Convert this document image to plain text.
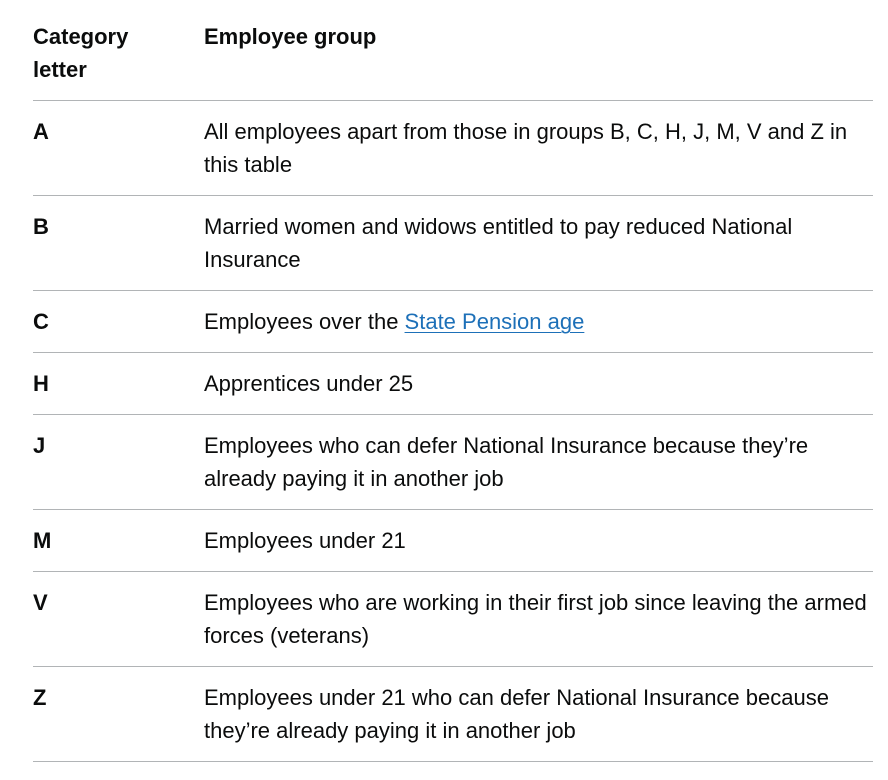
Category letter	Employee group
A	All employees apart from those in groups B, C, H, J, M, V and Z in this table
B	Married women and widows entitled to pay reduced National Insurance
C	Employees over the State Pension age
H	Apprentices under 25
J	Employees who can defer National Insurance because they’re already paying it in another job
M	Employees under 21
V	Employees who are working in their first job since leaving the armed forces (veterans)
Z	Employees under 21 who can defer National Insurance because they’re already paying it in another job
